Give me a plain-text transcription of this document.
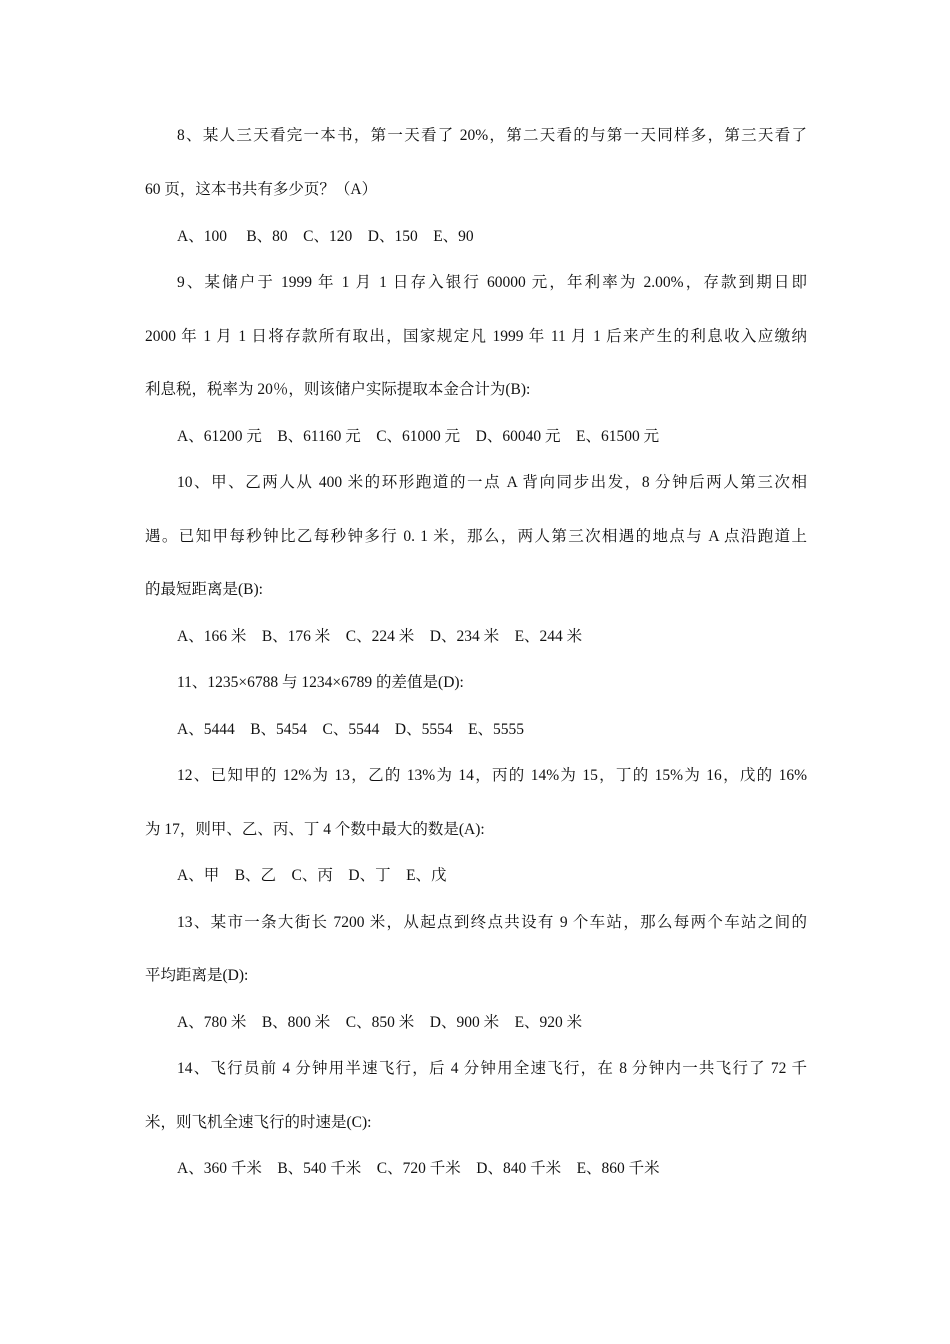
8、某人三天看完一本书，第一天看了 20%，第二天看的与第一天同样多，第三天看了
60 页，这本书共有多少页？（A）
A、100　 B、80　C、120　D、150　E、90
9、某储户于 1999 年 1 月 1 日存入银行 60000 元，年利率为 2.00%，存款到期日即
2000 年 1 月 1 日将存款所有取出，国家规定凡 1999 年 11 月 1 后来产生的利息收入应缴纳
利息税，税率为 20％，则该储户实际提取本金合计为(B):
A、61200 元　B、61160 元　C、61000 元　D、60040 元　E、61500 元
10、甲、乙两人从 400 米的环形跑道的一点 A 背向同步出发，8 分钟后两人第三次相
遇。已知甲每秒钟比乙每秒钟多行 0. 1 米，那么，两人第三次相遇的地点与 A 点沿跑道上
的最短距离是(B):
A、166 米　B、176 米　C、224 米　D、234 米　E、244 米
11、1235×6788 与 1234×6789 的差值是(D):
A、5444　B、5454　C、5544　D、5554　E、5555
12、已知甲的 12%为 13，乙的 13%为 14，丙的 14%为 15，丁的 15%为 16，戊的 16%
为 17，则甲、乙、丙、丁 4 个数中最大的数是(A):
A、甲　B、乙　C、丙　D、丁　E、戊
13、某市一条大街长 7200 米，从起点到终点共设有 9 个车站，那么每两个车站之间的
平均距离是(D):
A、780 米　B、800 米　C、850 米　D、900 米　E、920 米
14、飞行员前 4 分钟用半速飞行，后 4 分钟用全速飞行，在 8 分钟内一共飞行了 72 千
米，则飞机全速飞行的时速是(C):
A、360 千米　B、540 千米　C、720 千米　D、840 千米　E、860 千米
